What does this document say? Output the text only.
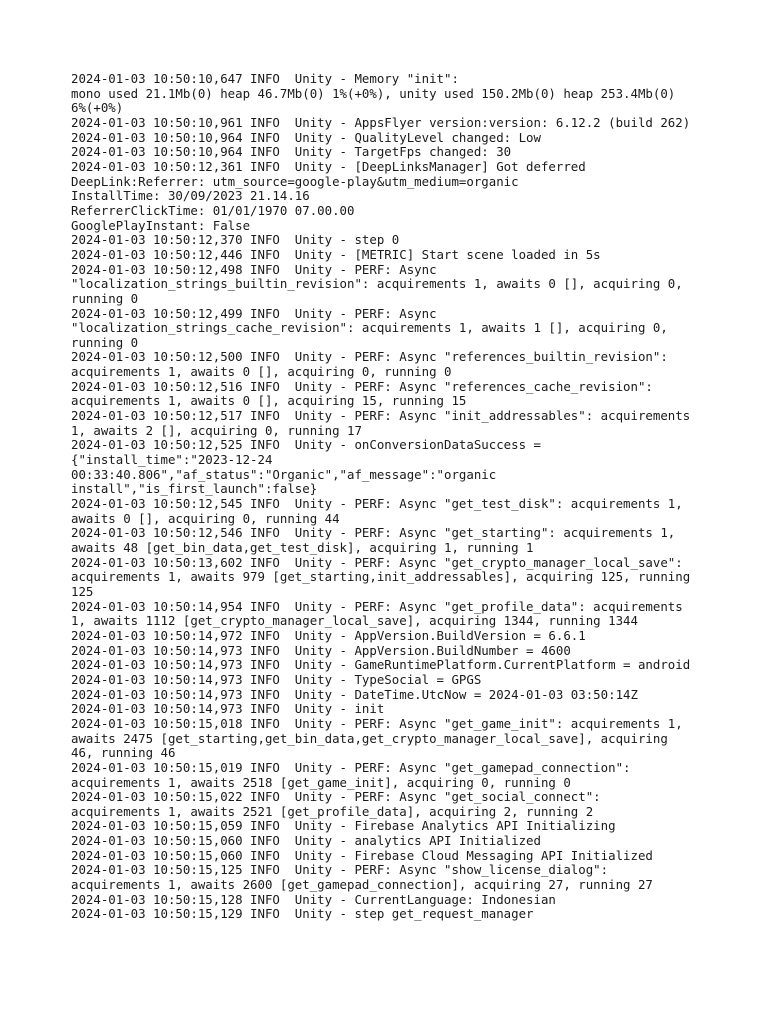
2024-01-03 10:50:10,647 INFO  Unity - Memory "init":
mono used 21.1Mb(0) heap 46.7Mb(0) 1%(+0%), unity used 150.2Mb(0) heap 253.4Mb(0)
6%(+0%)
2024-01-03 10:50:10,961 INFO  Unity - AppsFlyer version:version: 6.12.2 (build 262)
2024-01-03 10:50:10,964 INFO  Unity - QualityLevel changed: Low
2024-01-03 10:50:10,964 INFO  Unity - TargetFps changed: 30
2024-01-03 10:50:12,361 INFO  Unity - [DeepLinksManager] Got deferred
DeepLink:Referrer: utm_source=google-play&utm_medium=organic
InstallTime: 30/09/2023 21.14.16
ReferrerClickTime: 01/01/1970 07.00.00
GooglePlayInstant: False
2024-01-03 10:50:12,370 INFO  Unity - step 0
2024-01-03 10:50:12,446 INFO  Unity - [METRIC] Start scene loaded in 5s
2024-01-03 10:50:12,498 INFO  Unity - PERF: Async
"localization_strings_builtin_revision": acquirements 1, awaits 0 [], acquiring 0,
running 0
2024-01-03 10:50:12,499 INFO  Unity - PERF: Async
"localization_strings_cache_revision": acquirements 1, awaits 1 [], acquiring 0,
running 0
2024-01-03 10:50:12,500 INFO  Unity - PERF: Async "references_builtin_revision":
acquirements 1, awaits 0 [], acquiring 0, running 0
2024-01-03 10:50:12,516 INFO  Unity - PERF: Async "references_cache_revision":
acquirements 1, awaits 0 [], acquiring 15, running 15
2024-01-03 10:50:12,517 INFO  Unity - PERF: Async "init_addressables": acquirements
1, awaits 2 [], acquiring 0, running 17
2024-01-03 10:50:12,525 INFO  Unity - onConversionDataSuccess =
{"install_time":"2023-12-24
00:33:40.806","af_status":"Organic","af_message":"organic
install","is_first_launch":false}
2024-01-03 10:50:12,545 INFO  Unity - PERF: Async "get_test_disk": acquirements 1,
awaits 0 [], acquiring 0, running 44
2024-01-03 10:50:12,546 INFO  Unity - PERF: Async "get_starting": acquirements 1,
awaits 48 [get_bin_data,get_test_disk], acquiring 1, running 1
2024-01-03 10:50:13,602 INFO  Unity - PERF: Async "get_crypto_manager_local_save":
acquirements 1, awaits 979 [get_starting,init_addressables], acquiring 125, running
125
2024-01-03 10:50:14,954 INFO  Unity - PERF: Async "get_profile_data": acquirements
1, awaits 1112 [get_crypto_manager_local_save], acquiring 1344, running 1344
2024-01-03 10:50:14,972 INFO  Unity - AppVersion.BuildVersion = 6.6.1
2024-01-03 10:50:14,973 INFO  Unity - AppVersion.BuildNumber = 4600
2024-01-03 10:50:14,973 INFO  Unity - GameRuntimePlatform.CurrentPlatform = android
2024-01-03 10:50:14,973 INFO  Unity - TypeSocial = GPGS
2024-01-03 10:50:14,973 INFO  Unity - DateTime.UtcNow = 2024-01-03 03:50:14Z
2024-01-03 10:50:14,973 INFO  Unity - init
2024-01-03 10:50:15,018 INFO  Unity - PERF: Async "get_game_init": acquirements 1,
awaits 2475 [get_starting,get_bin_data,get_crypto_manager_local_save], acquiring
46, running 46
2024-01-03 10:50:15,019 INFO  Unity - PERF: Async "get_gamepad_connection":
acquirements 1, awaits 2518 [get_game_init], acquiring 0, running 0
2024-01-03 10:50:15,022 INFO  Unity - PERF: Async "get_social_connect":
acquirements 1, awaits 2521 [get_profile_data], acquiring 2, running 2
2024-01-03 10:50:15,059 INFO  Unity - Firebase Analytics API Initializing
2024-01-03 10:50:15,060 INFO  Unity - analytics API Initialized
2024-01-03 10:50:15,060 INFO  Unity - Firebase Cloud Messaging API Initialized
2024-01-03 10:50:15,125 INFO  Unity - PERF: Async "show_license_dialog":
acquirements 1, awaits 2600 [get_gamepad_connection], acquiring 27, running 27
2024-01-03 10:50:15,128 INFO  Unity - CurrentLanguage: Indonesian
2024-01-03 10:50:15,129 INFO  Unity - step get_request_manager
